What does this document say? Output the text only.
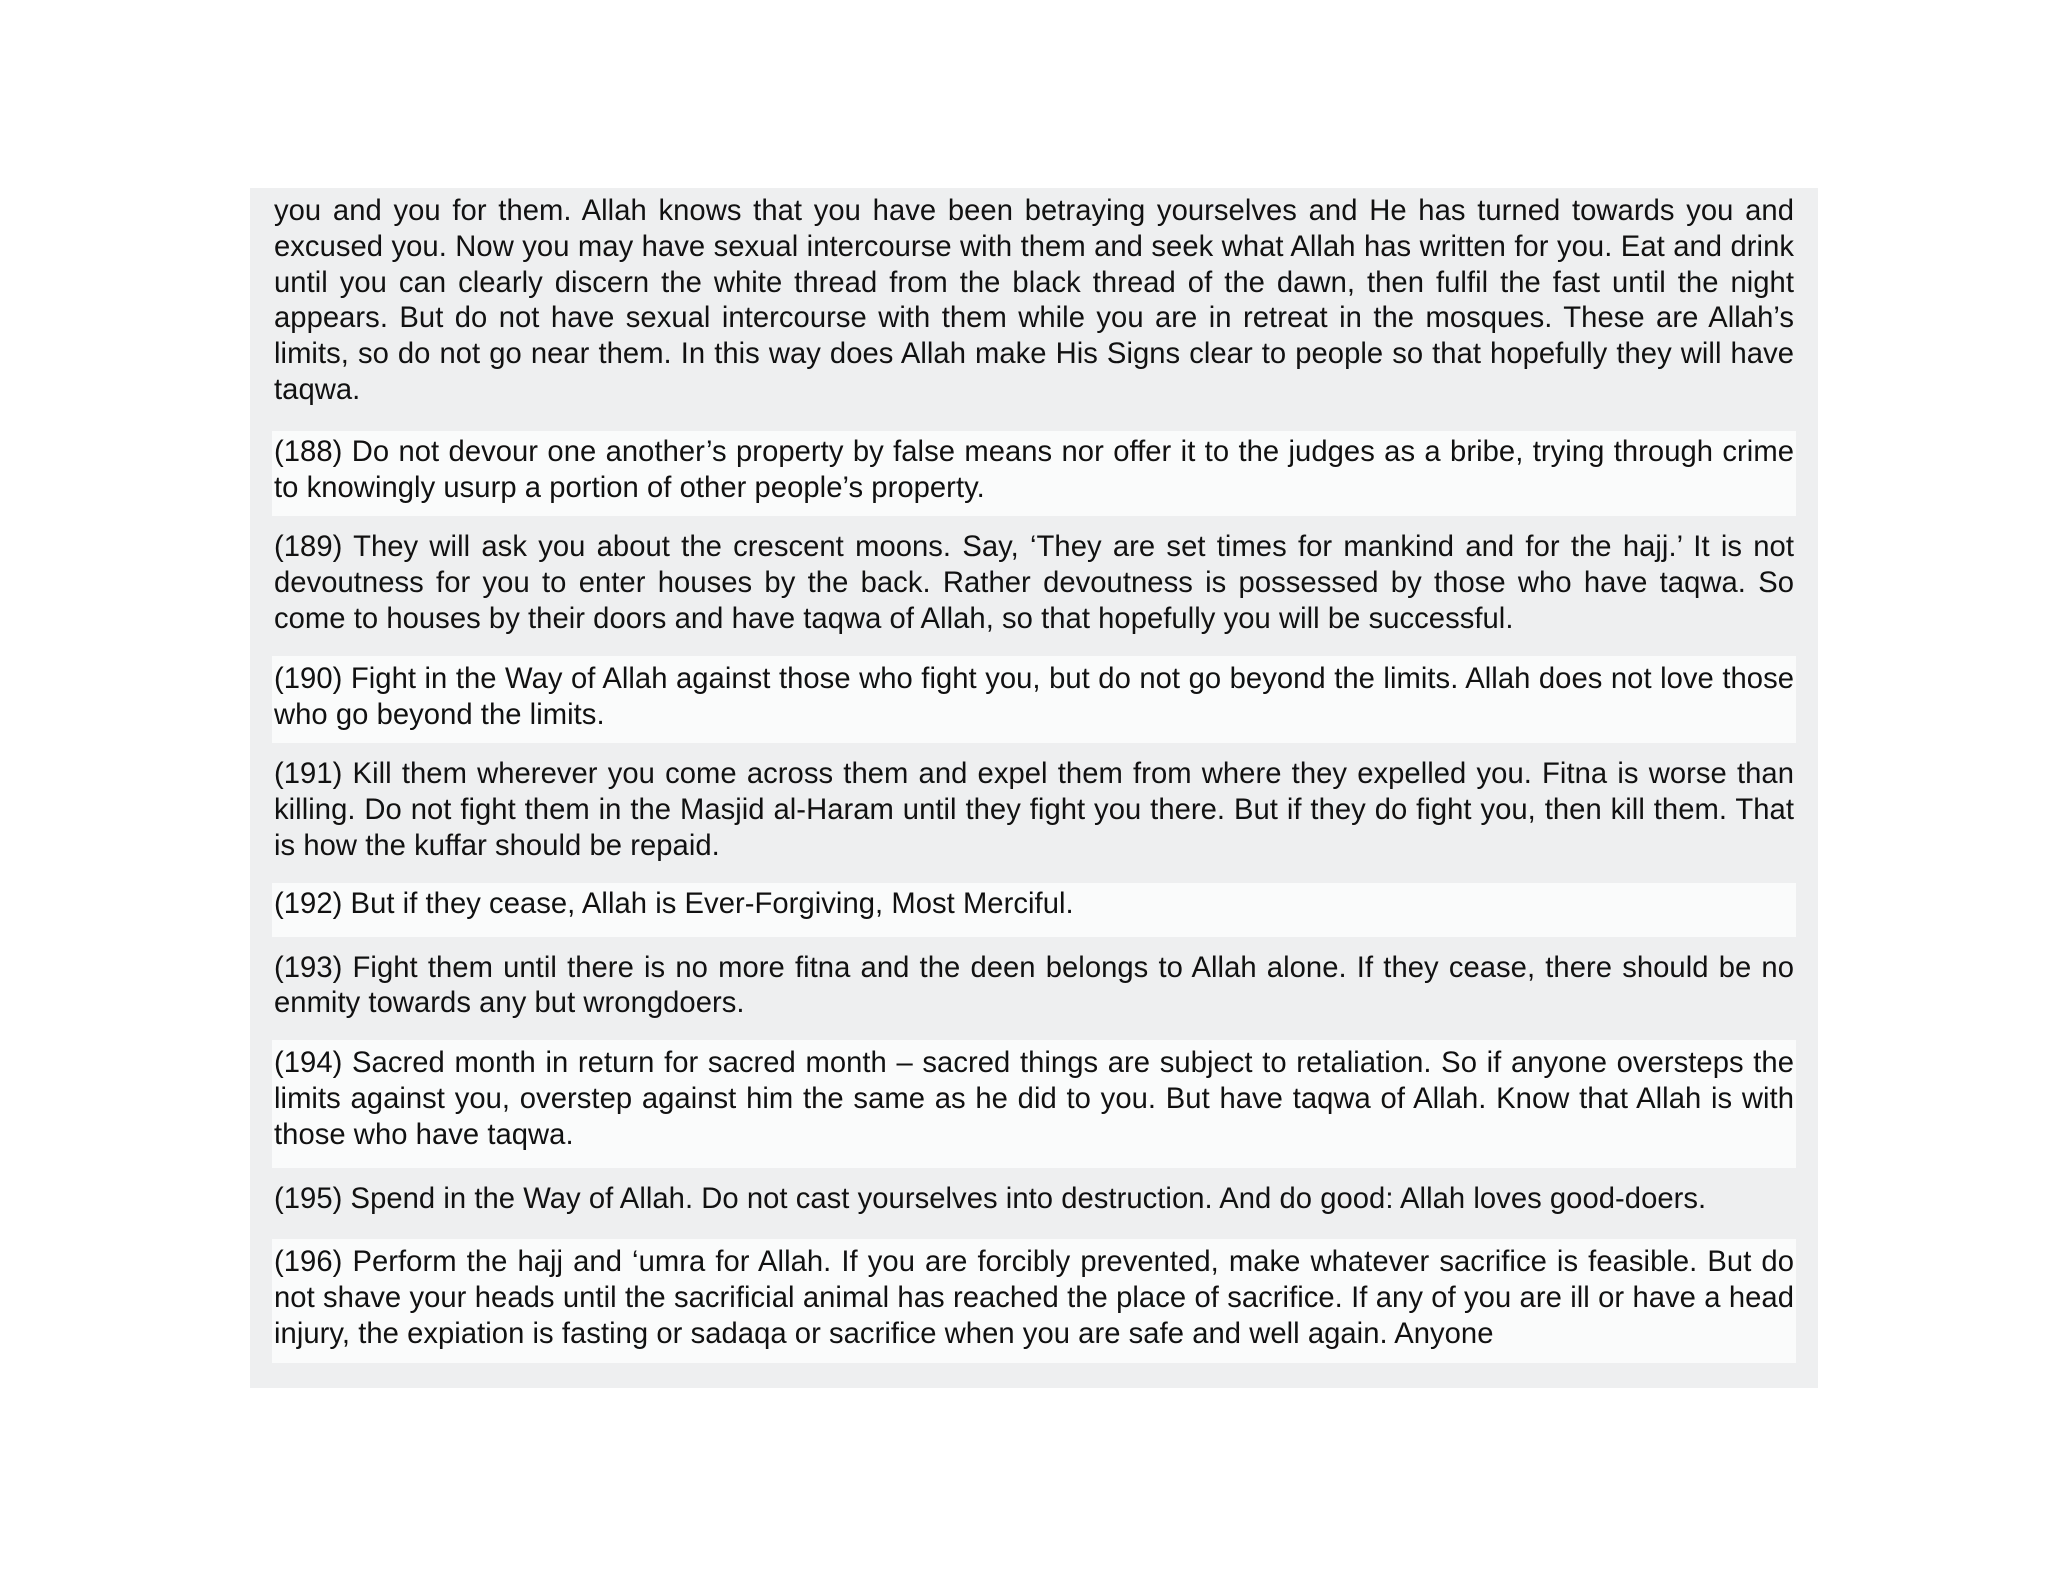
you and you for them. Allah knows that you have been betraying yourselves and He has turned towards you and excused you. Now you may have sexual intercourse with them and seek what Allah has written for you. Eat and drink until you can clearly discern the white thread from the black thread of the dawn, then fulfil the fast until the night appears. But do not have sexual intercourse with them while you are in retreat in the mosques. These are Allah’s limits, so do not go near them. In this way does Allah make His Signs clear to people so that hopefully they will have taqwa.

(188) Do not devour one another’s property by false means nor offer it to the judges as a bribe, trying through crime to knowingly usurp a portion of other people’s property.

(189) They will ask you about the crescent moons. Say, ‘They are set times for mankind and for the hajj.’ It is not devoutness for you to enter houses by the back. Rather devoutness is possessed by those who have taqwa. So come to houses by their doors and have taqwa of Allah, so that hopefully you will be successful.

(190) Fight in the Way of Allah against those who fight you, but do not go beyond the limits. Allah does not love those who go beyond the limits.

(191) Kill them wherever you come across them and expel them from where they expelled you. Fitna is worse than killing. Do not fight them in the Masjid al-Haram until they fight you there. But if they do fight you, then kill them. That is how the kuffar should be repaid.

(192) But if they cease, Allah is Ever-Forgiving, Most Merciful.

(193) Fight them until there is no more fitna and the deen belongs to Allah alone. If they cease, there should be no enmity towards any but wrongdoers.

(194) Sacred month in return for sacred month – sacred things are subject to retaliation. So if anyone oversteps the limits against you, overstep against him the same as he did to you. But have taqwa of Allah. Know that Allah is with those who have taqwa.

(195) Spend in the Way of Allah. Do not cast yourselves into destruction. And do good: Allah loves good-doers.

(196) Perform the hajj and ‘umra for Allah. If you are forcibly prevented, make whatever sacrifice is feasible. But do not shave your heads until the sacrificial animal has reached the place of sacrifice. If any of you are ill or have a head injury, the expiation is fasting or sadaqa or sacrifice when you are safe and well again. Anyone
